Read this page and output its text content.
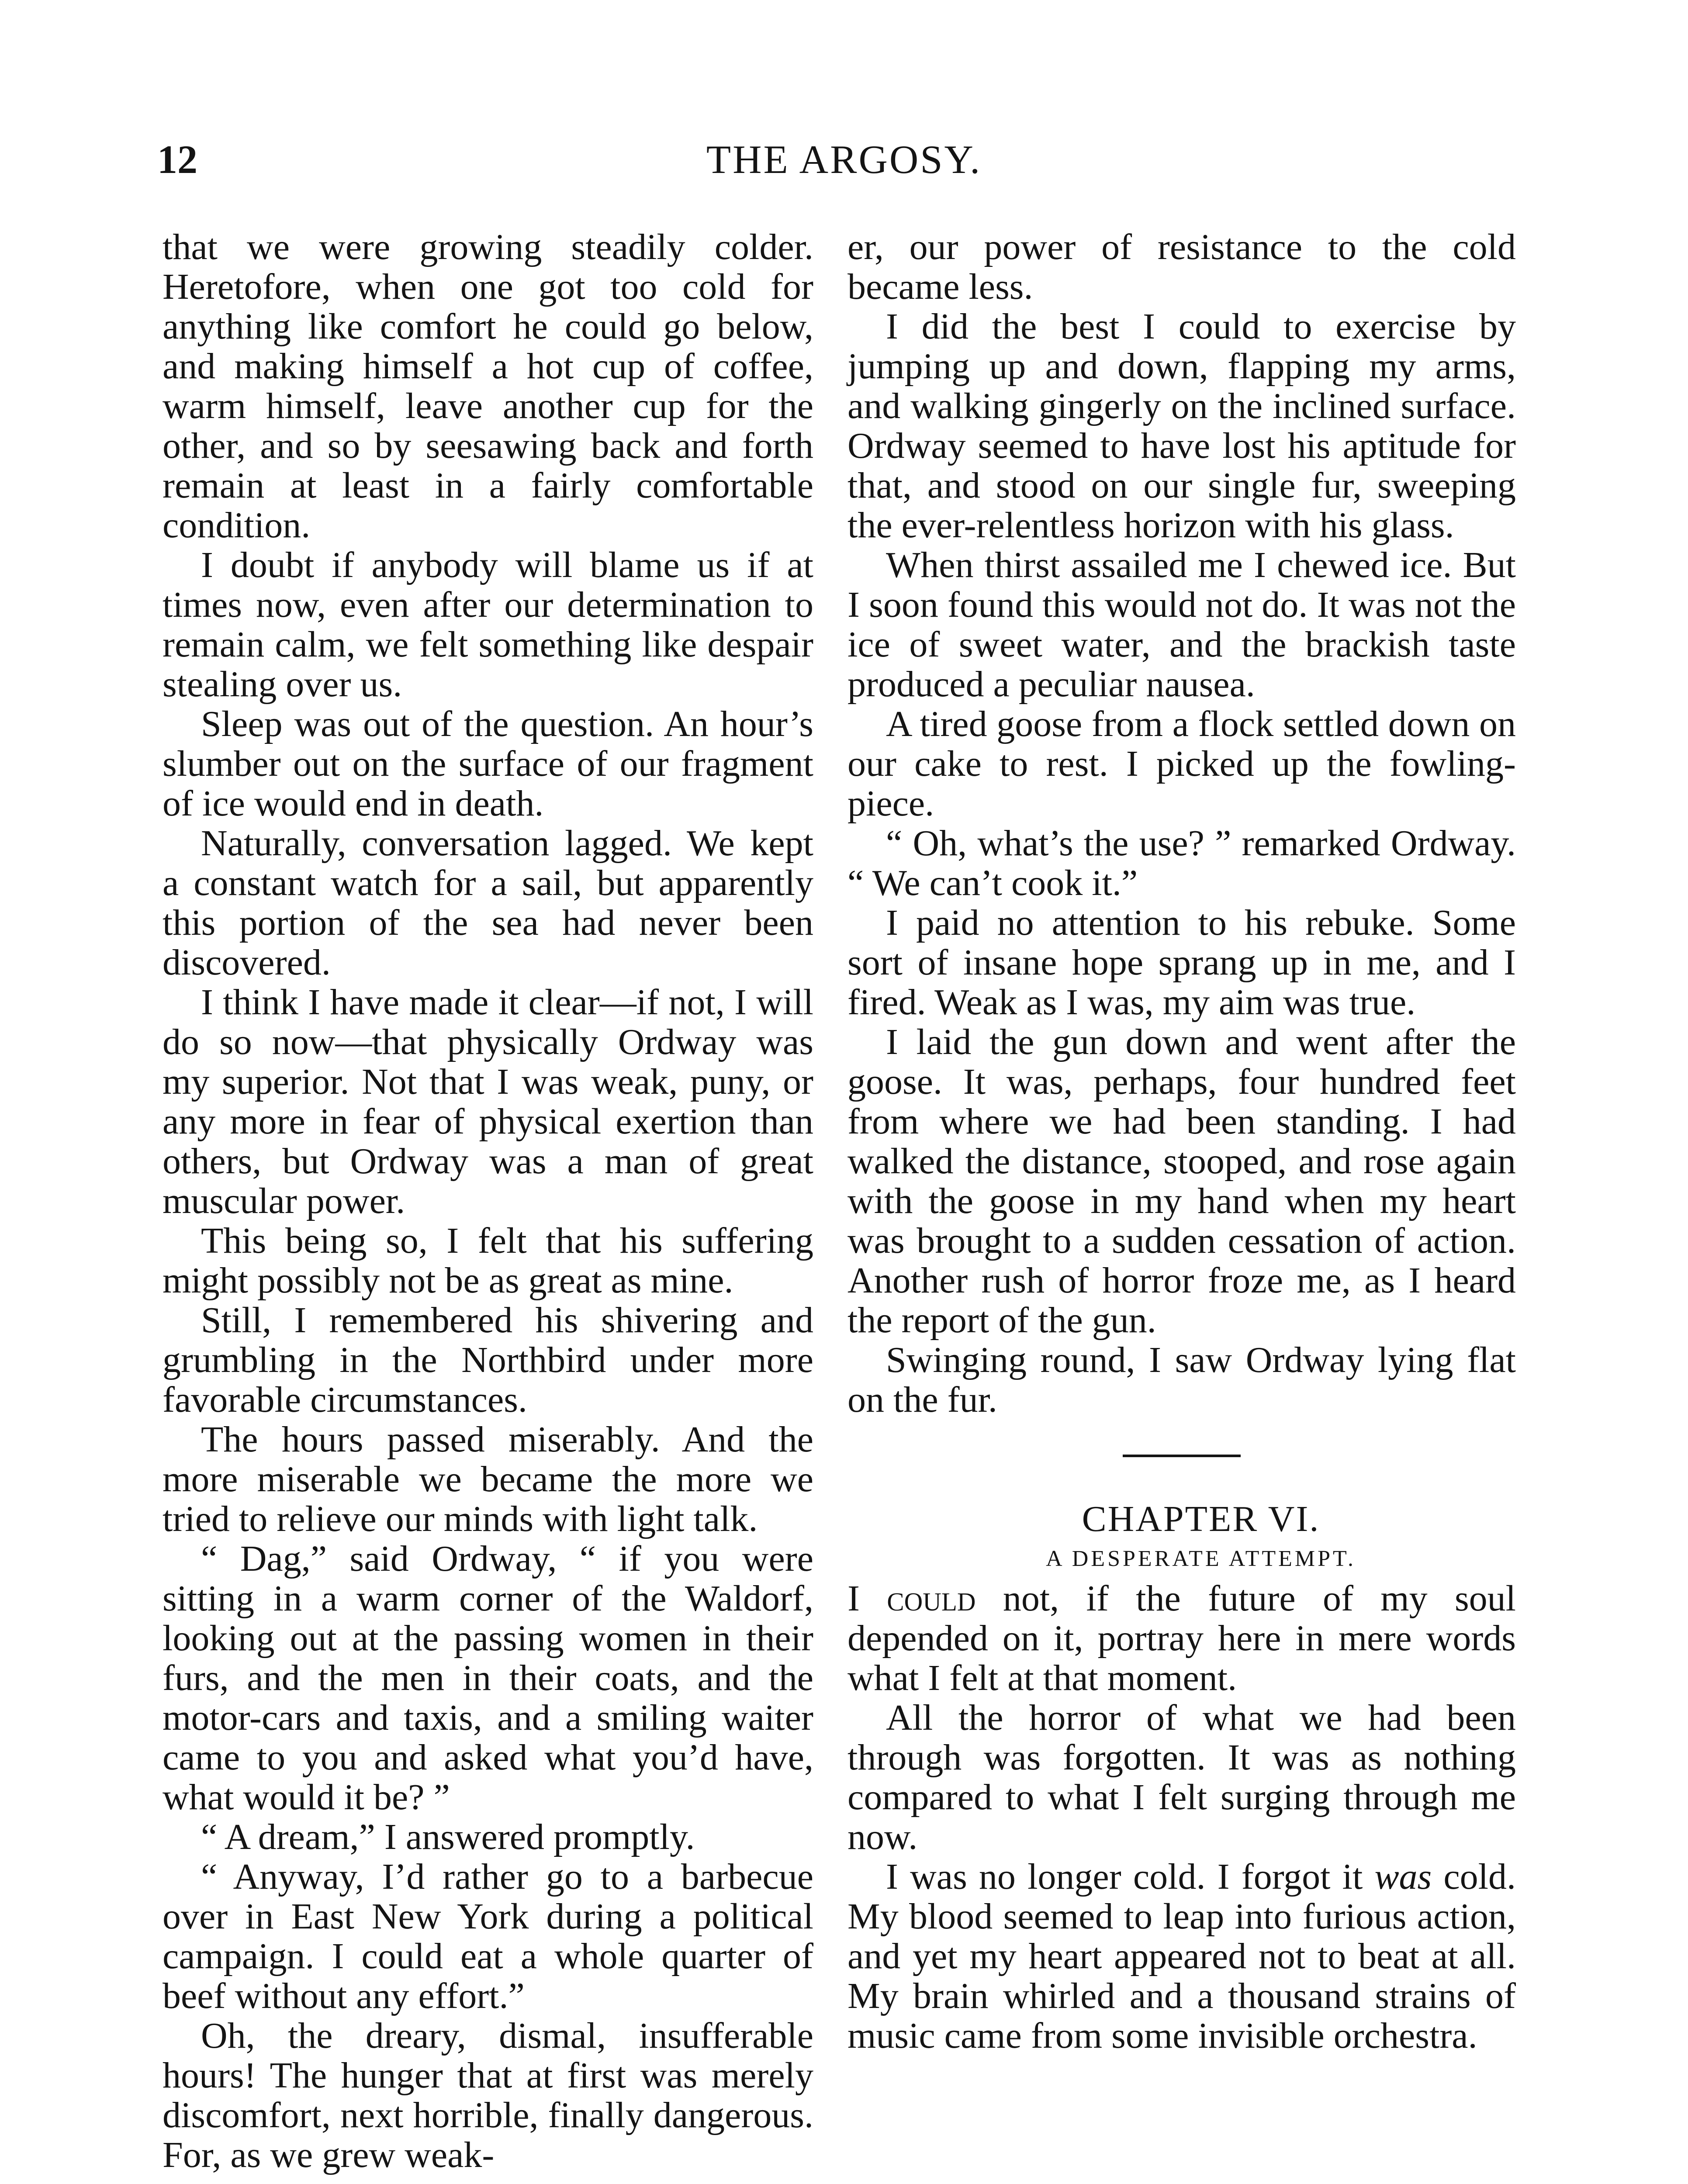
12	THE ARGOSY.

that we were growing steadily colder. Heretofore, when one got too cold for anything like comfort he could go below, and making himself a hot cup of coffee, warm himself, leave another cup for the other, and so by seesawing back and forth remain at least in a fairly comfortable condition.

I doubt if anybody will blame us if at times now, even after our determination to remain calm, we felt something like despair stealing over us.

Sleep was out of the question. An hour’s slumber out on the surface of our fragment of ice would end in death.

Naturally, conversation lagged. We kept a constant watch for a sail, but apparently this portion of the sea had never been discovered.

I think I have made it clear—if not, I will do so now—that physically Ordway was my superior. Not that I was weak, puny, or any more in fear of physical exertion than others, but Ordway was a man of great muscular power.

This being so, I felt that his suffering might possibly not be as great as mine.

Still, I remembered his shivering and grumbling in the Northbird under more favorable circumstances.

The hours passed miserably. And the more miserable we became the more we tried to relieve our minds with light talk.

“ Dag,” said Ordway, “ if you were sitting in a warm corner of the Waldorf, looking out at the passing women in their furs, and the men in their coats, and the motor-cars and taxis, and a smiling waiter came to you and asked what you’d have, what would it be? ”

“ A dream,” I answered promptly.

“ Anyway, I’d rather go to a barbecue over in East New York during a political campaign. I could eat a whole quarter of beef without any effort.”

Oh, the dreary, dismal, insufferable hours! The hunger that at first was merely discomfort, next horrible, finally dangerous. For, as we grew weak-

er, our power of resistance to the cold became less.

I did the best I could to exercise by jumping up and down, flapping my arms, and walking gingerly on the inclined surface. Ordway seemed to have lost his aptitude for that, and stood on our single fur, sweeping the ever-relentless horizon with his glass.

When thirst assailed me I chewed ice. But I soon found this would not do. It was not the ice of sweet water, and the brackish taste produced a peculiar nausea.

A tired goose from a flock settled down on our cake to rest. I picked up the fowling-piece.

“ Oh, what’s the use? ” remarked Ordway. “ We can’t cook it.”

I paid no attention to his rebuke. Some sort of insane hope sprang up in me, and I fired. Weak as I was, my aim was true.

I laid the gun down and went after the goose. It was, perhaps, four hundred feet from where we had been standing. I had walked the distance, stooped, and rose again with the goose in my hand when my heart was brought to a sudden cessation of action. Another rush of horror froze me, as I heard the report of the gun.

Swinging round, I saw Ordway lying flat on the fur.

CHAPTER VI.

A DESPERATE ATTEMPT.

I could not, if the future of my soul depended on it, portray here in mere words what I felt at that moment.

All the horror of what we had been through was forgotten. It was as nothing compared to what I felt surging through me now.

I was no longer cold. I forgot it was cold. My blood seemed to leap into furious action, and yet my heart appeared not to beat at all. My brain whirled and a thousand strains of music came from some invisible orchestra.
